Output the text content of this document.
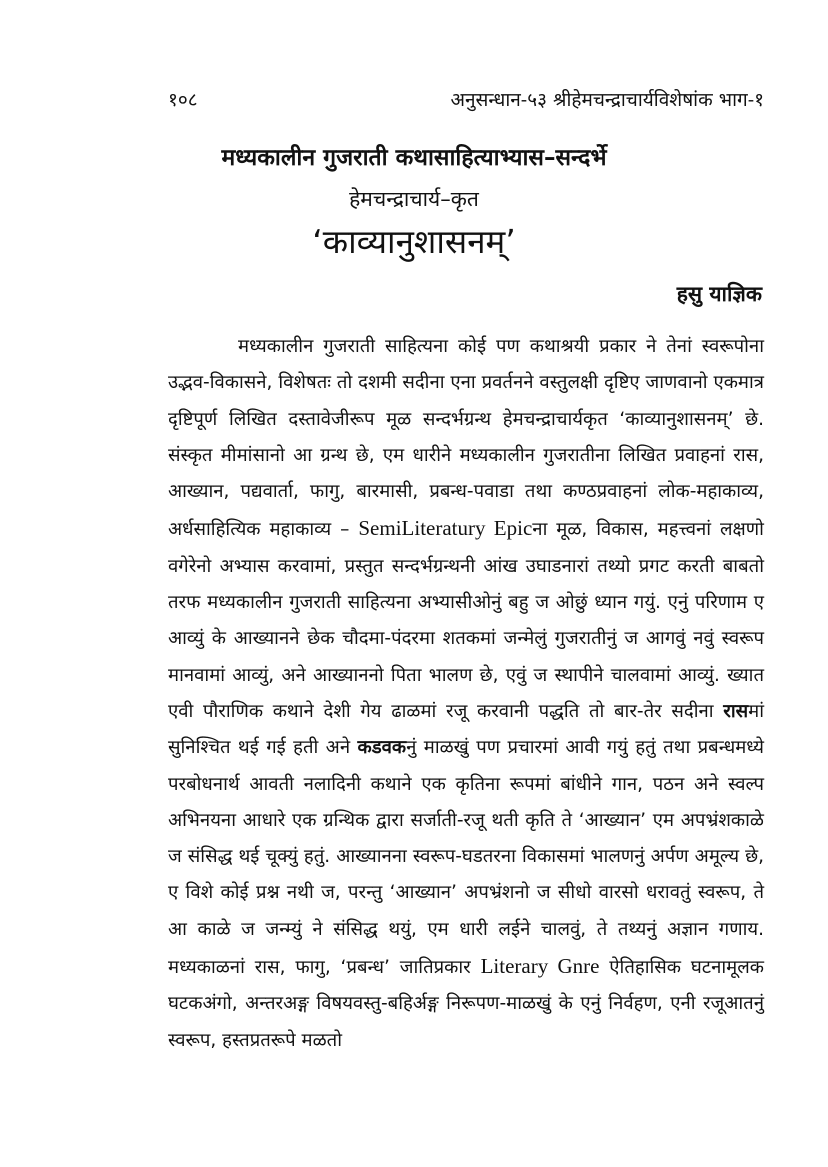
१०८	अनुसन्धान-५३ श्रीहेमचन्द्राचार्यविशेषांक भाग-१
मध्यकालीन गुजराती कथासाहित्याभ्यास–सन्दर्भे
हेमचन्द्राचार्य–कृत
‘काव्यानुशासनम्’
हसु याज्ञिक

मध्यकालीन गुजराती साहित्यना कोई पण कथाश्रयी प्रकार ने तेनां स्वरूपोना उद्भव-विकासने, विशेषतः तो दशमी सदीना एना प्रवर्तनने वस्तुलक्षी दृष्टिए जाणवानो एकमात्र दृष्टिपूर्ण लिखित दस्तावेजीरूप मूळ सन्दर्भग्रन्थ हेमचन्द्राचार्यकृत ‘काव्यानुशासनम्’ छे. संस्कृत मीमांसानो आ ग्रन्थ छे, एम धारीने मध्यकालीन गुजरातीना लिखित प्रवाहनां रास, आख्यान, पद्यवार्ता, फागु, बारमासी, प्रबन्ध-पवाडा तथा कण्ठप्रवाहनां लोक-महाकाव्य, अर्धसाहित्यिक महाकाव्य – SemiLiteratury Epicना मूळ, विकास, महत्त्वनां लक्षणो वगेरेनो अभ्यास करवामां, प्रस्तुत सन्दर्भग्रन्थनी आंख उघाडनारां तथ्यो प्रगट करती बाबतो तरफ मध्यकालीन गुजराती साहित्यना अभ्यासीओनुं बहु ज ओछुं ध्यान गयुं. एनुं परिणाम ए आव्युं के आख्यानने छेक चौदमा-पंदरमा शतकमां जन्मेलुं गुजरातीनुं ज आगवुं नवुं स्वरूप मानवामां आव्युं, अने आख्याननो पिता भालण छे, एवुं ज स्थापीने चालवामां आव्युं. ख्यात एवी पौराणिक कथाने देशी गेय ढाळमां रजू करवानी पद्धति तो बार-तेर सदीना रासमां सुनिश्चित थई गई हती अने कडवकनुं माळखुं पण प्रचारमां आवी गयुं हतुं तथा प्रबन्धमध्ये परबोधनार्थ आवती नलादिनी कथाने एक कृतिना रूपमां बांधीने गान, पठन अने स्वल्प अभिनयना आधारे एक ग्रन्थिक द्वारा सर्जाती-रजू थती कृति ते ‘आख्यान’ एम अपभ्रंशकाळे ज संसिद्ध थई चूक्युं हतुं. आख्यानना स्वरूप-घडतरना विकासमां भालणनुं अर्पण अमूल्य छे, ए विशे कोई प्रश्न नथी ज, परन्तु ‘आख्यान’ अपभ्रंशनो ज सीधो वारसो धरावतुं स्वरूप, ते आ काळे ज जन्म्युं ने संसिद्ध थयुं, एम धारी लईने चालवुं, ते तथ्यनुं अज्ञान गणाय. मध्यकाळनां रास, फागु, ‘प्रबन्ध’ जातिप्रकार Literary Gnre ऐतिहासिक घटनामूलक घटकअंगो, अन्तरअङ्ग विषयवस्तु-बहिर्अङ्ग निरूपण-माळखुं के एनुं निर्वहण, एनी रजूआतनुं स्वरूप, हस्तप्रतरूपे मळतो
